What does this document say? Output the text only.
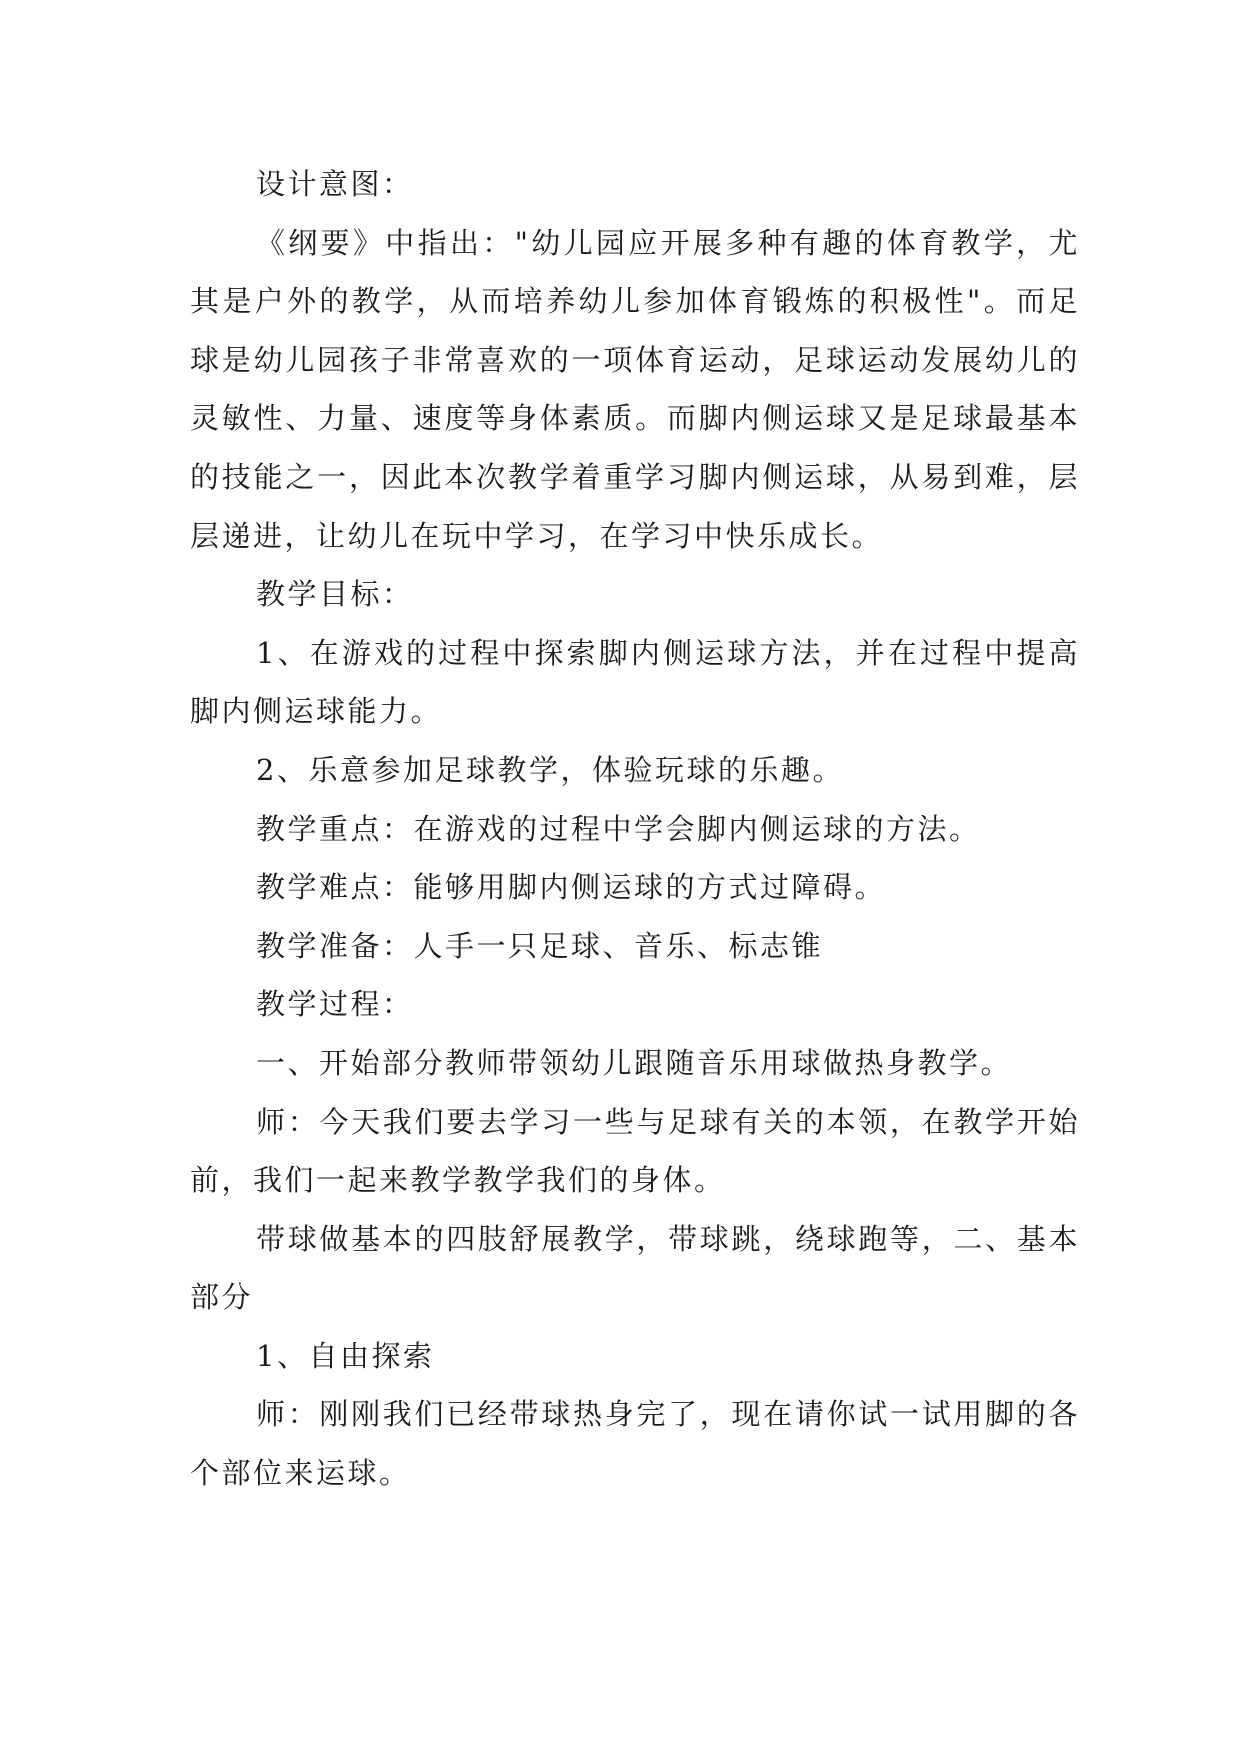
设计意图：

《纲要》中指出："幼儿园应开展多种有趣的体育教学，尤其是户外的教学，从而培养幼儿参加体育锻炼的积极性"。而足球是幼儿园孩子非常喜欢的一项体育运动，足球运动发展幼儿的灵敏性、力量、速度等身体素质。而脚内侧运球又是足球最基本的技能之一，因此本次教学着重学习脚内侧运球，从易到难，层层递进，让幼儿在玩中学习，在学习中快乐成长。

教学目标：

1、在游戏的过程中探索脚内侧运球方法，并在过程中提高脚内侧运球能力。

2、乐意参加足球教学，体验玩球的乐趣。

教学重点：在游戏的过程中学会脚内侧运球的方法。

教学难点：能够用脚内侧运球的方式过障碍。

教学准备：人手一只足球、音乐、标志锥

教学过程：

一、开始部分教师带领幼儿跟随音乐用球做热身教学。

师：今天我们要去学习一些与足球有关的本领，在教学开始前，我们一起来教学教学我们的身体。

带球做基本的四肢舒展教学，带球跳，绕球跑等，二、基本部分

1、自由探索

师：刚刚我们已经带球热身完了，现在请你试一试用脚的各个部位来运球。
